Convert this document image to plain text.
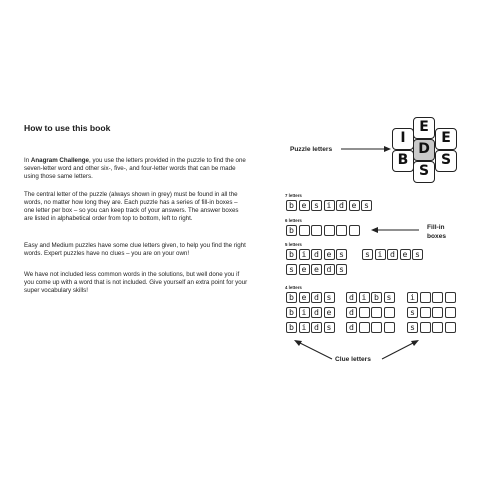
How to use this book

In Anagram Challenge, you use the letters provided in the puzzle to find the one seven-letter word and other six-, five-, and four-letter words that can be made using those same letters.

The central letter of the puzzle (always shown in grey) must be found in all the words, no matter how long they are. Each puzzle has a series of fill-in boxes – one letter per box – so you can keep track of your answers. The answer boxes are listed in alphabetical order from top to bottom, left to right.

Easy and Medium puzzles have some clue letters given, to help you find the right words. Expert puzzles have no clues – you are on your own!

We have not included less common words in the solutions, but well done you if you come up with a word that is not included. Give yourself an extra point for your super vocabulary skills!

I
E
E
D
B	S
S
Puzzle letters
7 letters
6 letters
5 letters
4 letters
b e s i d e s
b
b i d e s	s i d e s
s e e d s
b e d s	d i b s	i
b i d e	d	s
b i d s	d	s
Fill-in
boxes
Clue letters
